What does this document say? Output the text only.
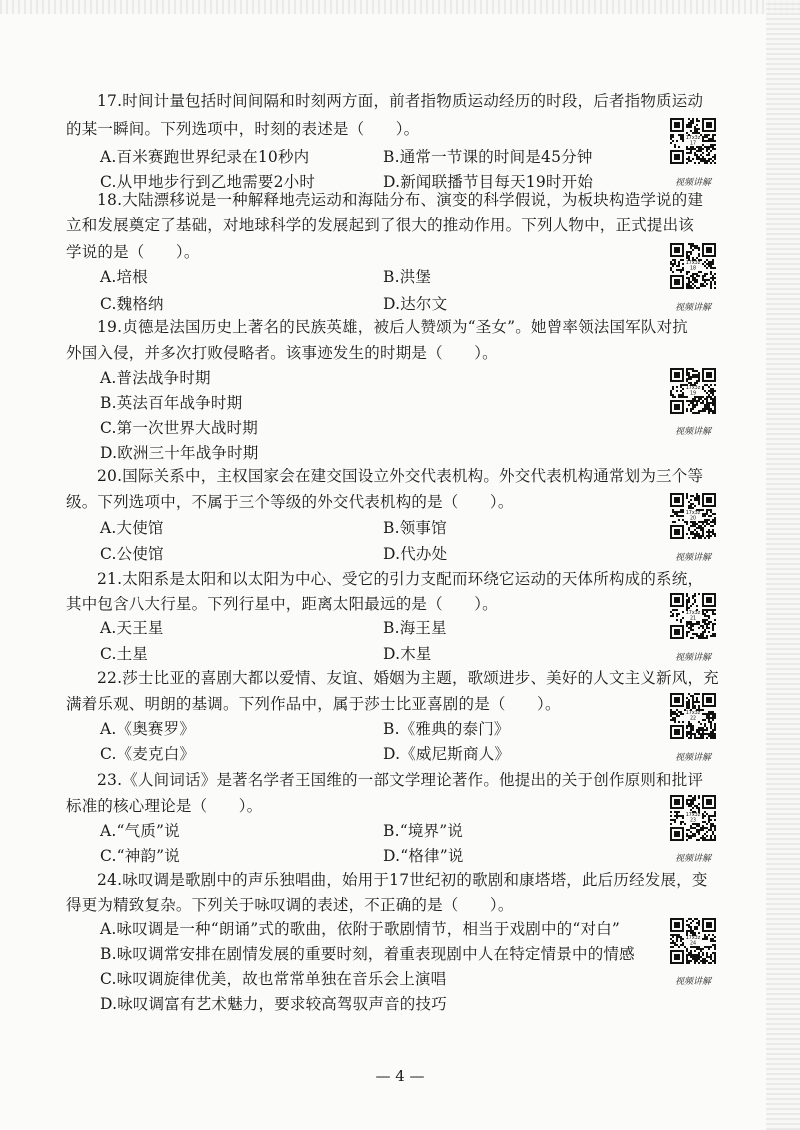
17.时间计量包括时间间隔和时刻两方面，前者指物质运动经历的时段，后者指物质运动
的某一瞬间。下列选项中，时刻的表述是（　　）。
A.百米赛跑世界纪录在10秒内	B.通常一节课的时间是45分钟
C.从甲地步行到乙地需要2小时	D.新闻联播节目每天19时开始
18.大陆漂移说是一种解释地壳运动和海陆分布、演变的科学假说，为板块构造学说的建
立和发展奠定了基础，对地球科学的发展起到了很大的推动作用。下列人物中，正式提出该
学说的是（　　）。
A.培根	B.洪堡
C.魏格纳	D.达尔文
19.贞德是法国历史上著名的民族英雄，被后人赞颂为“圣女”。她曾率领法国军队对抗
外国入侵，并多次打败侵略者。该事迹发生的时期是（　　）。
A.普法战争时期
B.英法百年战争时期
C.第一次世界大战时期
D.欧洲三十年战争时期
20.国际关系中，主权国家会在建交国设立外交代表机构。外交代表机构通常划为三个等
级。下列选项中，不属于三个等级的外交代表机构的是（　　）。
A.大使馆	B.领事馆
C.公使馆	D.代办处
21.太阳系是太阳和以太阳为中心、受它的引力支配而环绕它运动的天体所构成的系统，
其中包含八大行星。下列行星中，距离太阳最远的是（　　）。
A.天王星	B.海王星
C.土星	D.木星
22.莎士比亚的喜剧大都以爱情、友谊、婚姻为主题，歌颂进步、美好的人文主义新风，充
满着乐观、明朗的基调。下列作品中，属于莎士比亚喜剧的是（　　）。
A.《奥赛罗》	B.《雅典的泰门》
C.《麦克白》	D.《威尼斯商人》
23.《人间词话》是著名学者王国维的一部文学理论著作。他提出的关于创作原则和批评
标准的核心理论是（　　）。
A.“气质”说	B.“境界”说
C.“神韵”说	D.“格律”说
24.咏叹调是歌剧中的声乐独唱曲，始用于17世纪初的歌剧和康塔塔，此后历经发展，变
得更为精致复杂。下列关于咏叹调的表述，不正确的是（　　）。
A.咏叹调是一种“朗诵”式的歌曲，依附于歌剧情节，相当于戏剧中的“对白”
B.咏叹调常安排在剧情发展的重要时刻，着重表现剧中人在特定情景中的情感
C.咏叹调旋律优美，故也常常单独在音乐会上演唱
D.咏叹调富有艺术魅力，要求较高驾驭声音的技巧
17x3z
17
视频讲解
17x3z
18
视频讲解
17x3z
19
视频讲解
17x3z
20
视频讲解
17x3z
21
视频讲解
17x3z
22
视频讲解
17x3z
23
视频讲解
17x3z
24
视频讲解
— 4 —
